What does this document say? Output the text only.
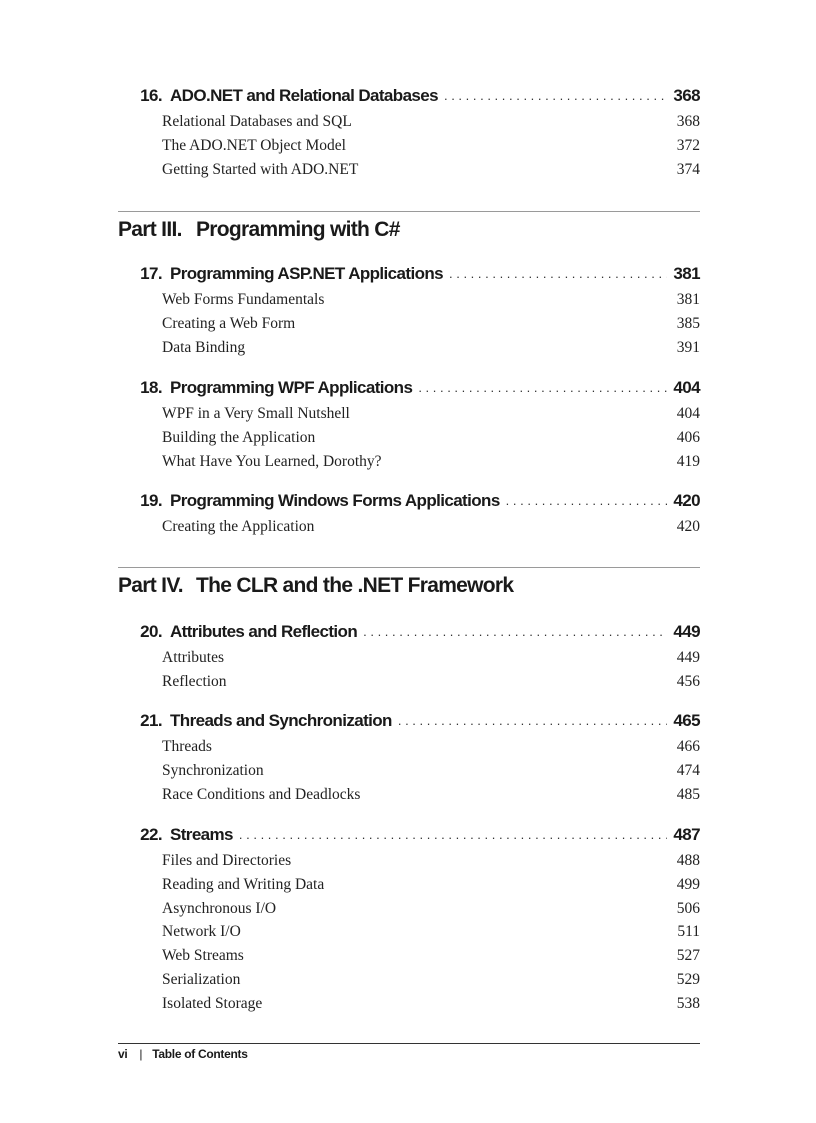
16. ADO.NET and Relational Databases . . .	368
Relational Databases and SQL	368
The ADO.NET Object Model	372
Getting Started with ADO.NET	374
Part III. Programming with C#
17. Programming ASP.NET Applications . . .	381
Web Forms Fundamentals	381
Creating a Web Form	385
Data Binding	391
18. Programming WPF Applications . . .	404
WPF in a Very Small Nutshell	404
Building the Application	406
What Have You Learned, Dorothy?	419
19. Programming Windows Forms Applications . . .	420
Creating the Application	420
Part IV. The CLR and the .NET Framework
20. Attributes and Reflection . . .	449
Attributes	449
Reflection	456
21. Threads and Synchronization . . .	465
Threads	466
Synchronization	474
Race Conditions and Deadlocks	485
22. Streams . . .	487
Files and Directories	488
Reading and Writing Data	499
Asynchronous I/O	506
Network I/O	511
Web Streams	527
Serialization	529
Isolated Storage	538
vi | Table of Contents
